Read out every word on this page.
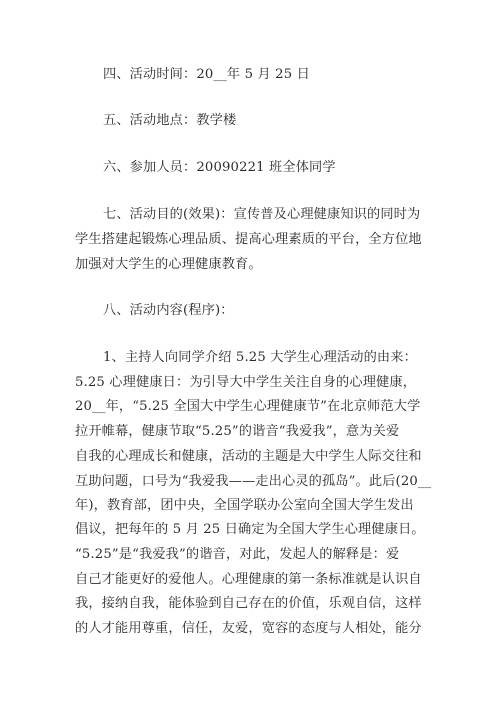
四、活动时间：20__年 5 月 25 日
五、活动地点：教学楼
六、参加人员：20090221 班全体同学
七、活动目的(效果)：宣传普及心理健康知识的同时为
学生搭建起锻炼心理品质、提高心理素质的平台，全方位地
加强对大学生的心理健康教育。
八、活动内容(程序)：
1、主持人向同学介绍 5.25 大学生心理活动的由来：
5.25 心理健康日：为引导大中学生关注自身的心理健康，
20__年，“5.25 全国大中学生心理健康节”在北京师范大学
拉开帷幕，健康节取“5.25”的谐音“我爱我”，意为关爱
自我的心理成长和健康，活动的主题是大中学生人际交往和
互助问题，口号为“我爱我——走出心灵的孤岛”。此后(20__
年)，教育部，团中央，全国学联办公室向全国大学生发出
倡议，把每年的 5 月 25 日确定为全国大学生心理健康日。
“5.25”是“我爱我”的谐音，对此，发起人的解释是：爱
自己才能更好的爱他人。心理健康的第一条标准就是认识自
我，接纳自我，能体验到自己存在的价值，乐观自信，这样
的人才能用尊重，信任，友爱，宽容的态度与人相处，能分
